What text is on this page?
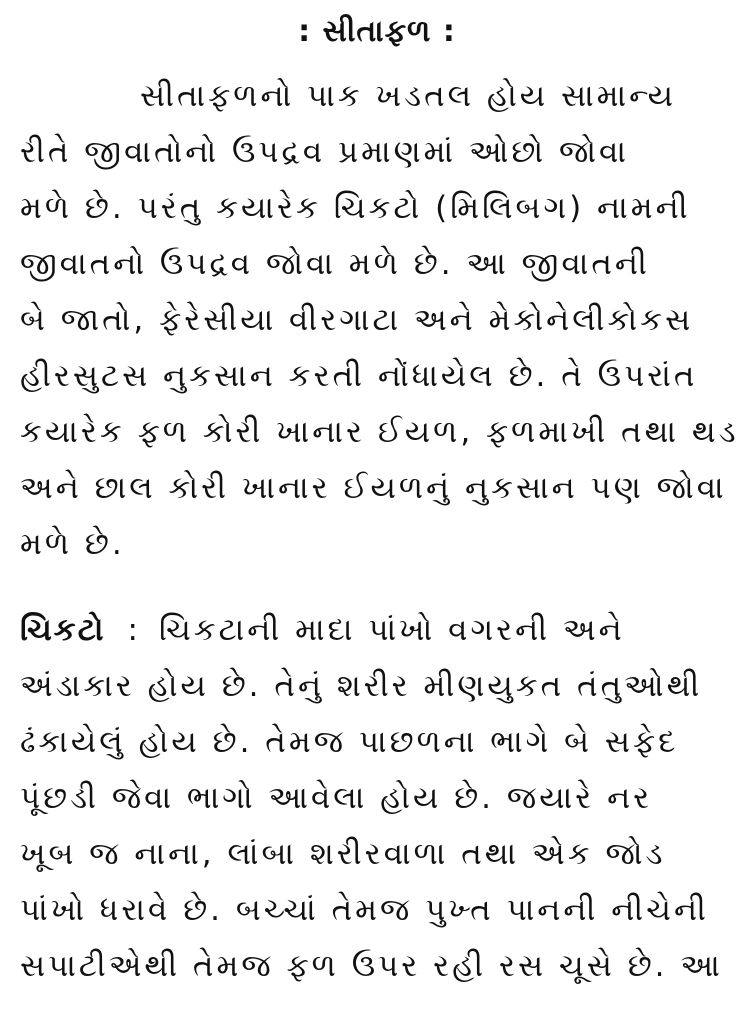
: સીતાફળ :
સીતાફળનો પાક ખડતલ હોય સામાન્ય
રીતે જીવાતોનો ઉપદ્રવ પ્રમાણમાં ઓછો જોવા
મળે છે. પરંતુ કયારેક ચિકટો (મિલિબગ) નામની
જીવાતનો ઉપદ્રવ જોવા મળે છે. આ જીવાતની
બે જાતો, ફેરેસીયા વીરગાટા અને મેકોનેલીકોકસ
હીરસુટસ નુકસાન કરતી નોંધાયેલ છે. તે ઉપરાંત
કયારેક ફળ કોરી ખાનાર ઈયળ, ફળમાખી તથા થડ
અને છાલ કોરી ખાનાર ઈયળનું નુકસાન પણ જોવા
મળે છે.
ચિકટો : ચિકટાની માદા પાંખો વગરની અને
અંડાકાર હોય છે. તેનું શરીર મીણયુકત તંતુઓથી
ઢંકાયેલું હોય છે. તેમજ પાછળના ભાગે બે સફેદ
પૂંછડી જેવા ભાગો આવેલા હોય છે. જયારે નર
ખૂબ જ નાના, લાંબા શરીરવાળા તથા એક જોડ
પાંખો ધરાવે છે. બચ્ચાં તેમજ પુખ્ત પાનની નીચેની
સપાટીએથી તેમજ ફળ ઉપર રહી રસ ચૂસે છે. આ
